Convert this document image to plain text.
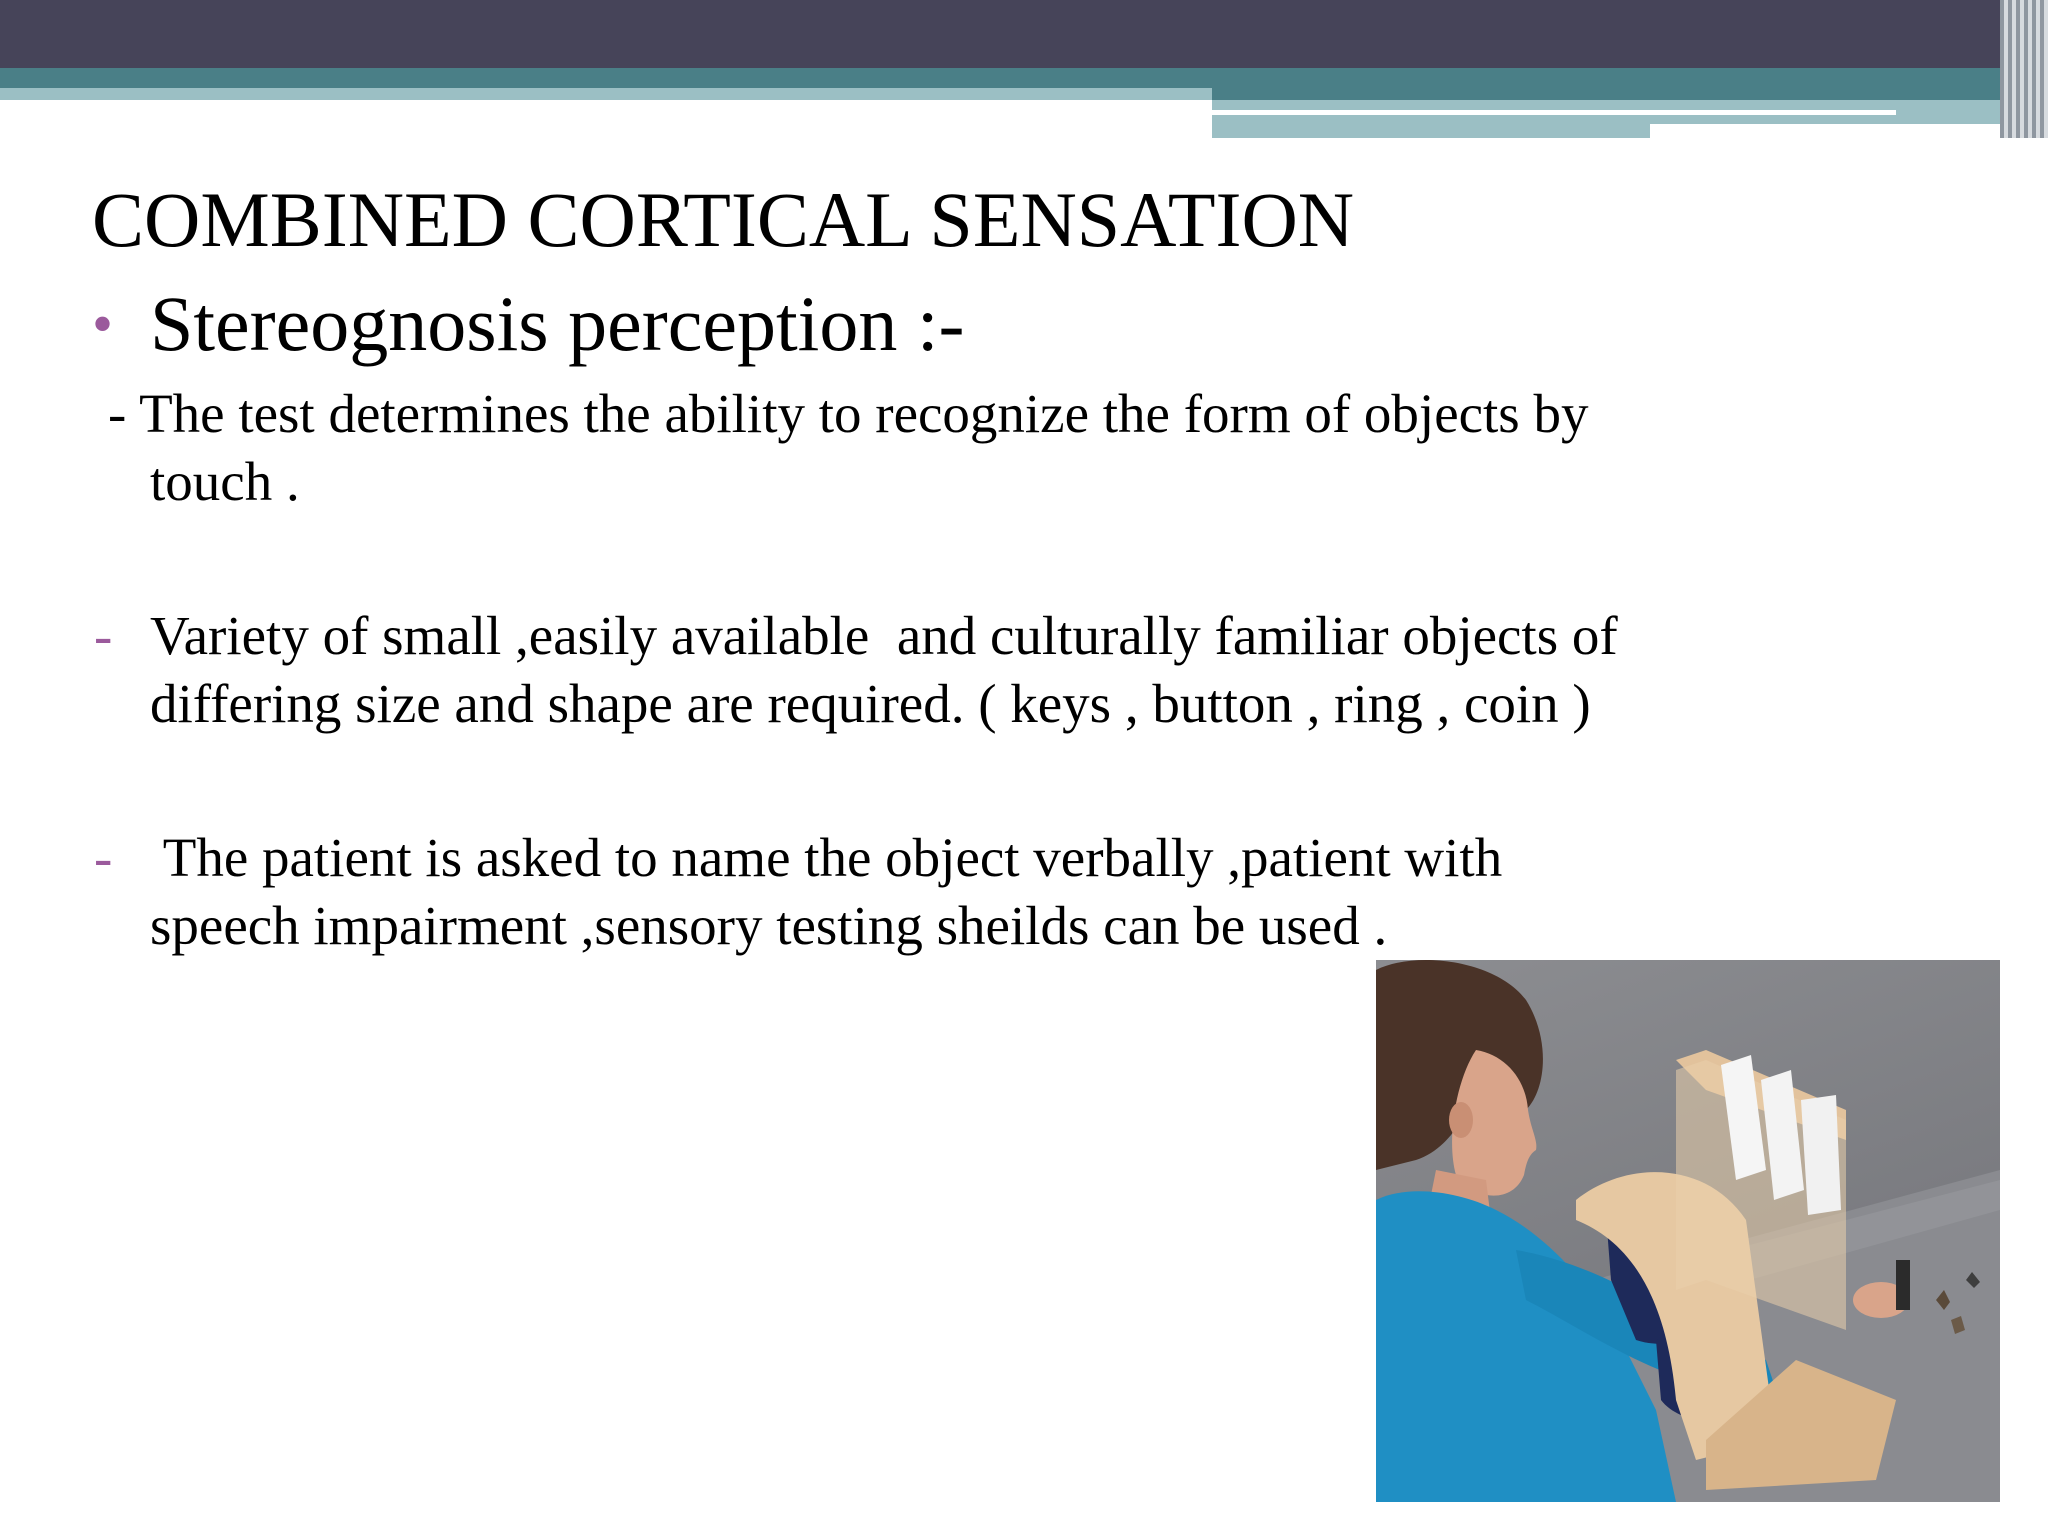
COMBINED CORTICAL SENSATION
• Stereognosis perception :-
- The test determines the ability to recognize the form of objects by
touch .
- Variety of small ,easily available  and culturally familiar objects of
differing size and shape are required. ( keys , button , ring , coin )
- The patient is asked to name the object verbally ,patient with
speech impairment ,sensory testing sheilds can be used .
